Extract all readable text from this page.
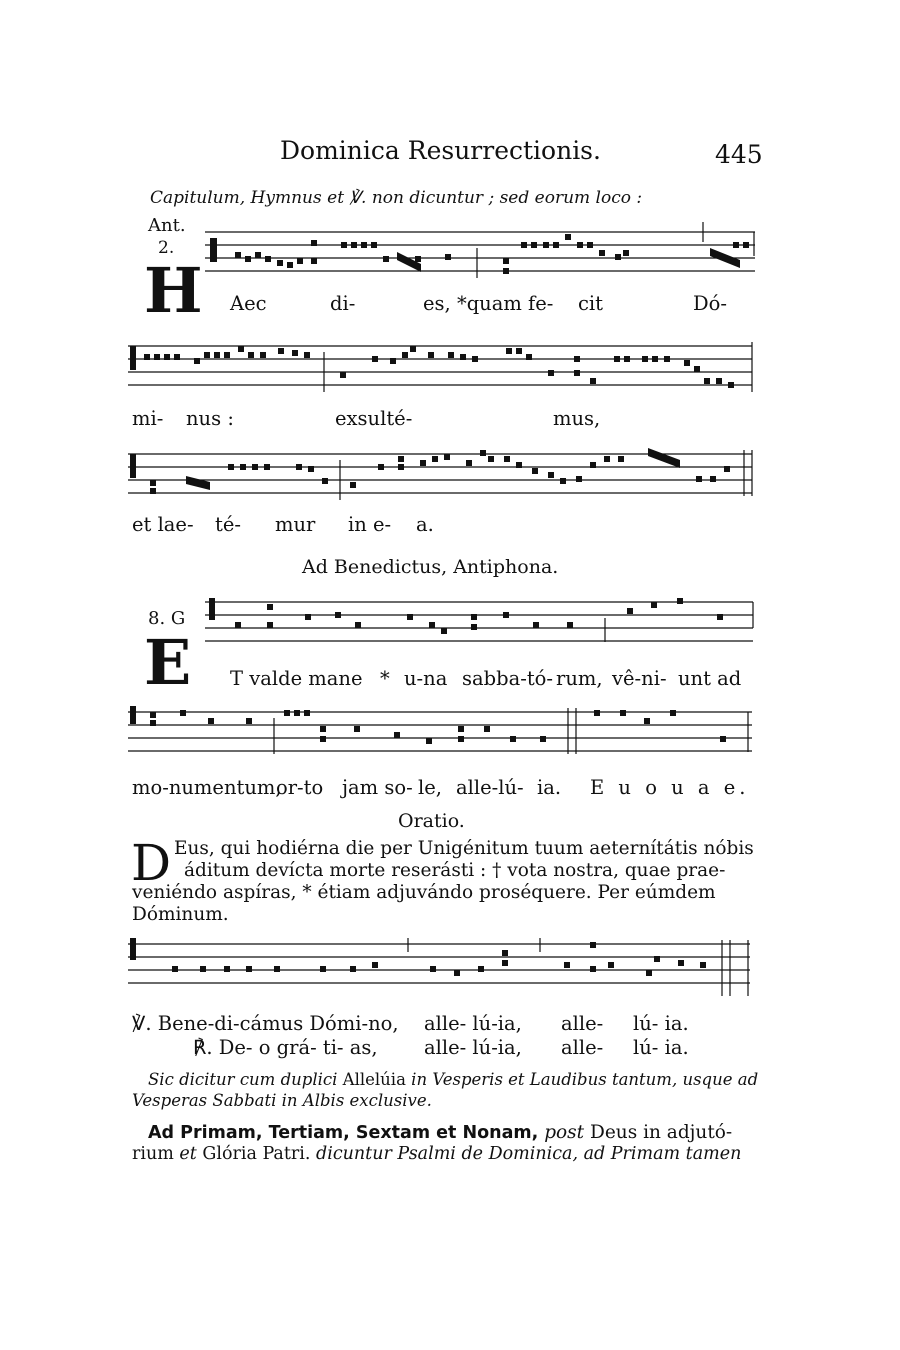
Dominica Resurrectionis.	445
Capitulum, Hymnus et ℣. non dicuntur ; sed eorum loco :
Ant.
2.
H Aec	di-	es, *quam fe- cit	Dó-
mi- nus :	exsulté-	mus,
et lae- té- mur in e- a.
Ad Benedictus, Antiphona.
8. G
E T valde mane * u-na sabba-tó- rum, vê-ni- unt ad
mo-numentum,
or-to jam so- le, alle-lú- ia. E u o u a e.
Oratio.
D Eus, qui hodiérna die per Unigénitum tuum aeternítátis nóbis
áditum devícta morte reserásti : † vota nostra, quae prae-
veniéndo aspíras, * étiam adjuvándo proséquere. Per eúmdem
Dóminum.
℣. Bene-di-cámus Dómi-no, alle- lú-ia, alle- lú- ia.
℟. De- o grá- ti- as, alle- lú-ia, alle- lú- ia.
Sic dicitur cum duplici Allelúia in Vesperis et Laudibus tantum, usque ad
Vesperas Sabbati in Albis exclusive.
Ad Primam, Tertiam, Sextam et Nonam, post Deus in adjutó-
rium et Glória Patri. dicuntur Psalmi de Dominica, ad Primam tamen
